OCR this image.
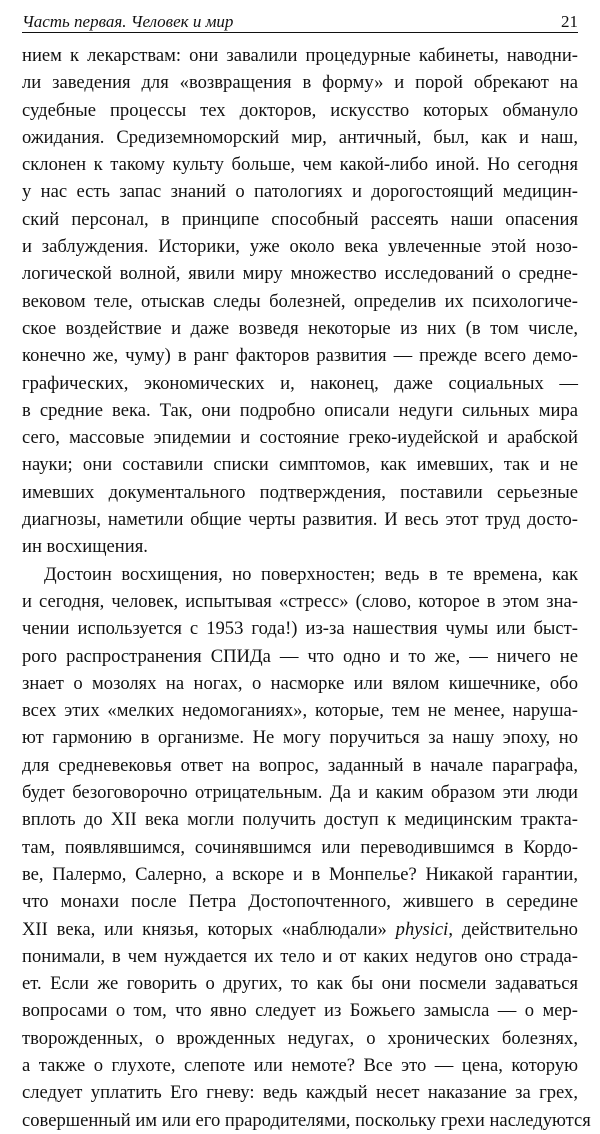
Часть первая. Человек и мир	21
нием к лекарствам: они завалили процедурные кабинеты, наводни-
ли заведения для «возвращения в форму» и порой обрекают на
судебные процессы тех докторов, искусство которых обмануло
ожидания. Средиземноморский мир, античный, был, как и наш,
склонен к такому культу больше, чем какой-либо иной. Но сегодня
у нас есть запас знаний о патологиях и дорогостоящий медицин-
ский персонал, в принципе способный рассеять наши опасения
и заблуждения. Историки, уже около века увлеченные этой нозо-
логической волной, явили миру множество исследований о средне-
вековом теле, отыскав следы болезней, определив их психологиче-
ское воздействие и даже возведя некоторые из них (в том числе,
конечно же, чуму) в ранг факторов развития — прежде всего демо-
графических, экономических и, наконец, даже социальных —
в средние века. Так, они подробно описали недуги сильных мира
сего, массовые эпидемии и состояние греко-иудейской и арабской
науки; они составили списки симптомов, как имевших, так и не
имевших документального подтверждения, поставили серьезные
диагнозы, наметили общие черты развития. И весь этот труд досто-
ин восхищения.
Достоин восхищения, но поверхностен; ведь в те времена, как
и сегодня, человек, испытывая «стресс» (слово, которое в этом зна-
чении используется с 1953 года!) из-за нашествия чумы или быст-
рого распространения СПИДа — что одно и то же, — ничего не
знает о мозолях на ногах, о насморке или вялом кишечнике, обо
всех этих «мелких недомоганиях», которые, тем не менее, наруша-
ют гармонию в организме. Не могу поручиться за нашу эпоху, но
для средневековья ответ на вопрос, заданный в начале параграфа,
будет безоговорочно отрицательным. Да и каким образом эти люди
вплоть до XII века могли получить доступ к медицинским тракта-
там, появлявшимся, сочинявшимся или переводившимся в Кордо-
ве, Палермо, Салерно, а вскоре и в Монпелье? Никакой гарантии,
что монахи после Петра Достопочтенного, жившего в середине
XII века, или князья, которых «наблюдали» physici, действительно
понимали, в чем нуждается их тело и от каких недугов оно страда-
ет. Если же говорить о других, то как бы они посмели задаваться
вопросами о том, что явно следует из Божьего замысла — о мер-
творожденных, о врожденных недугах, о хронических болезнях,
а также о глухоте, слепоте или немоте? Все это — цена, которую
следует уплатить Его гневу: ведь каждый несет наказание за грех,
совершенный им или его прародителями, поскольку грехи наследуются
